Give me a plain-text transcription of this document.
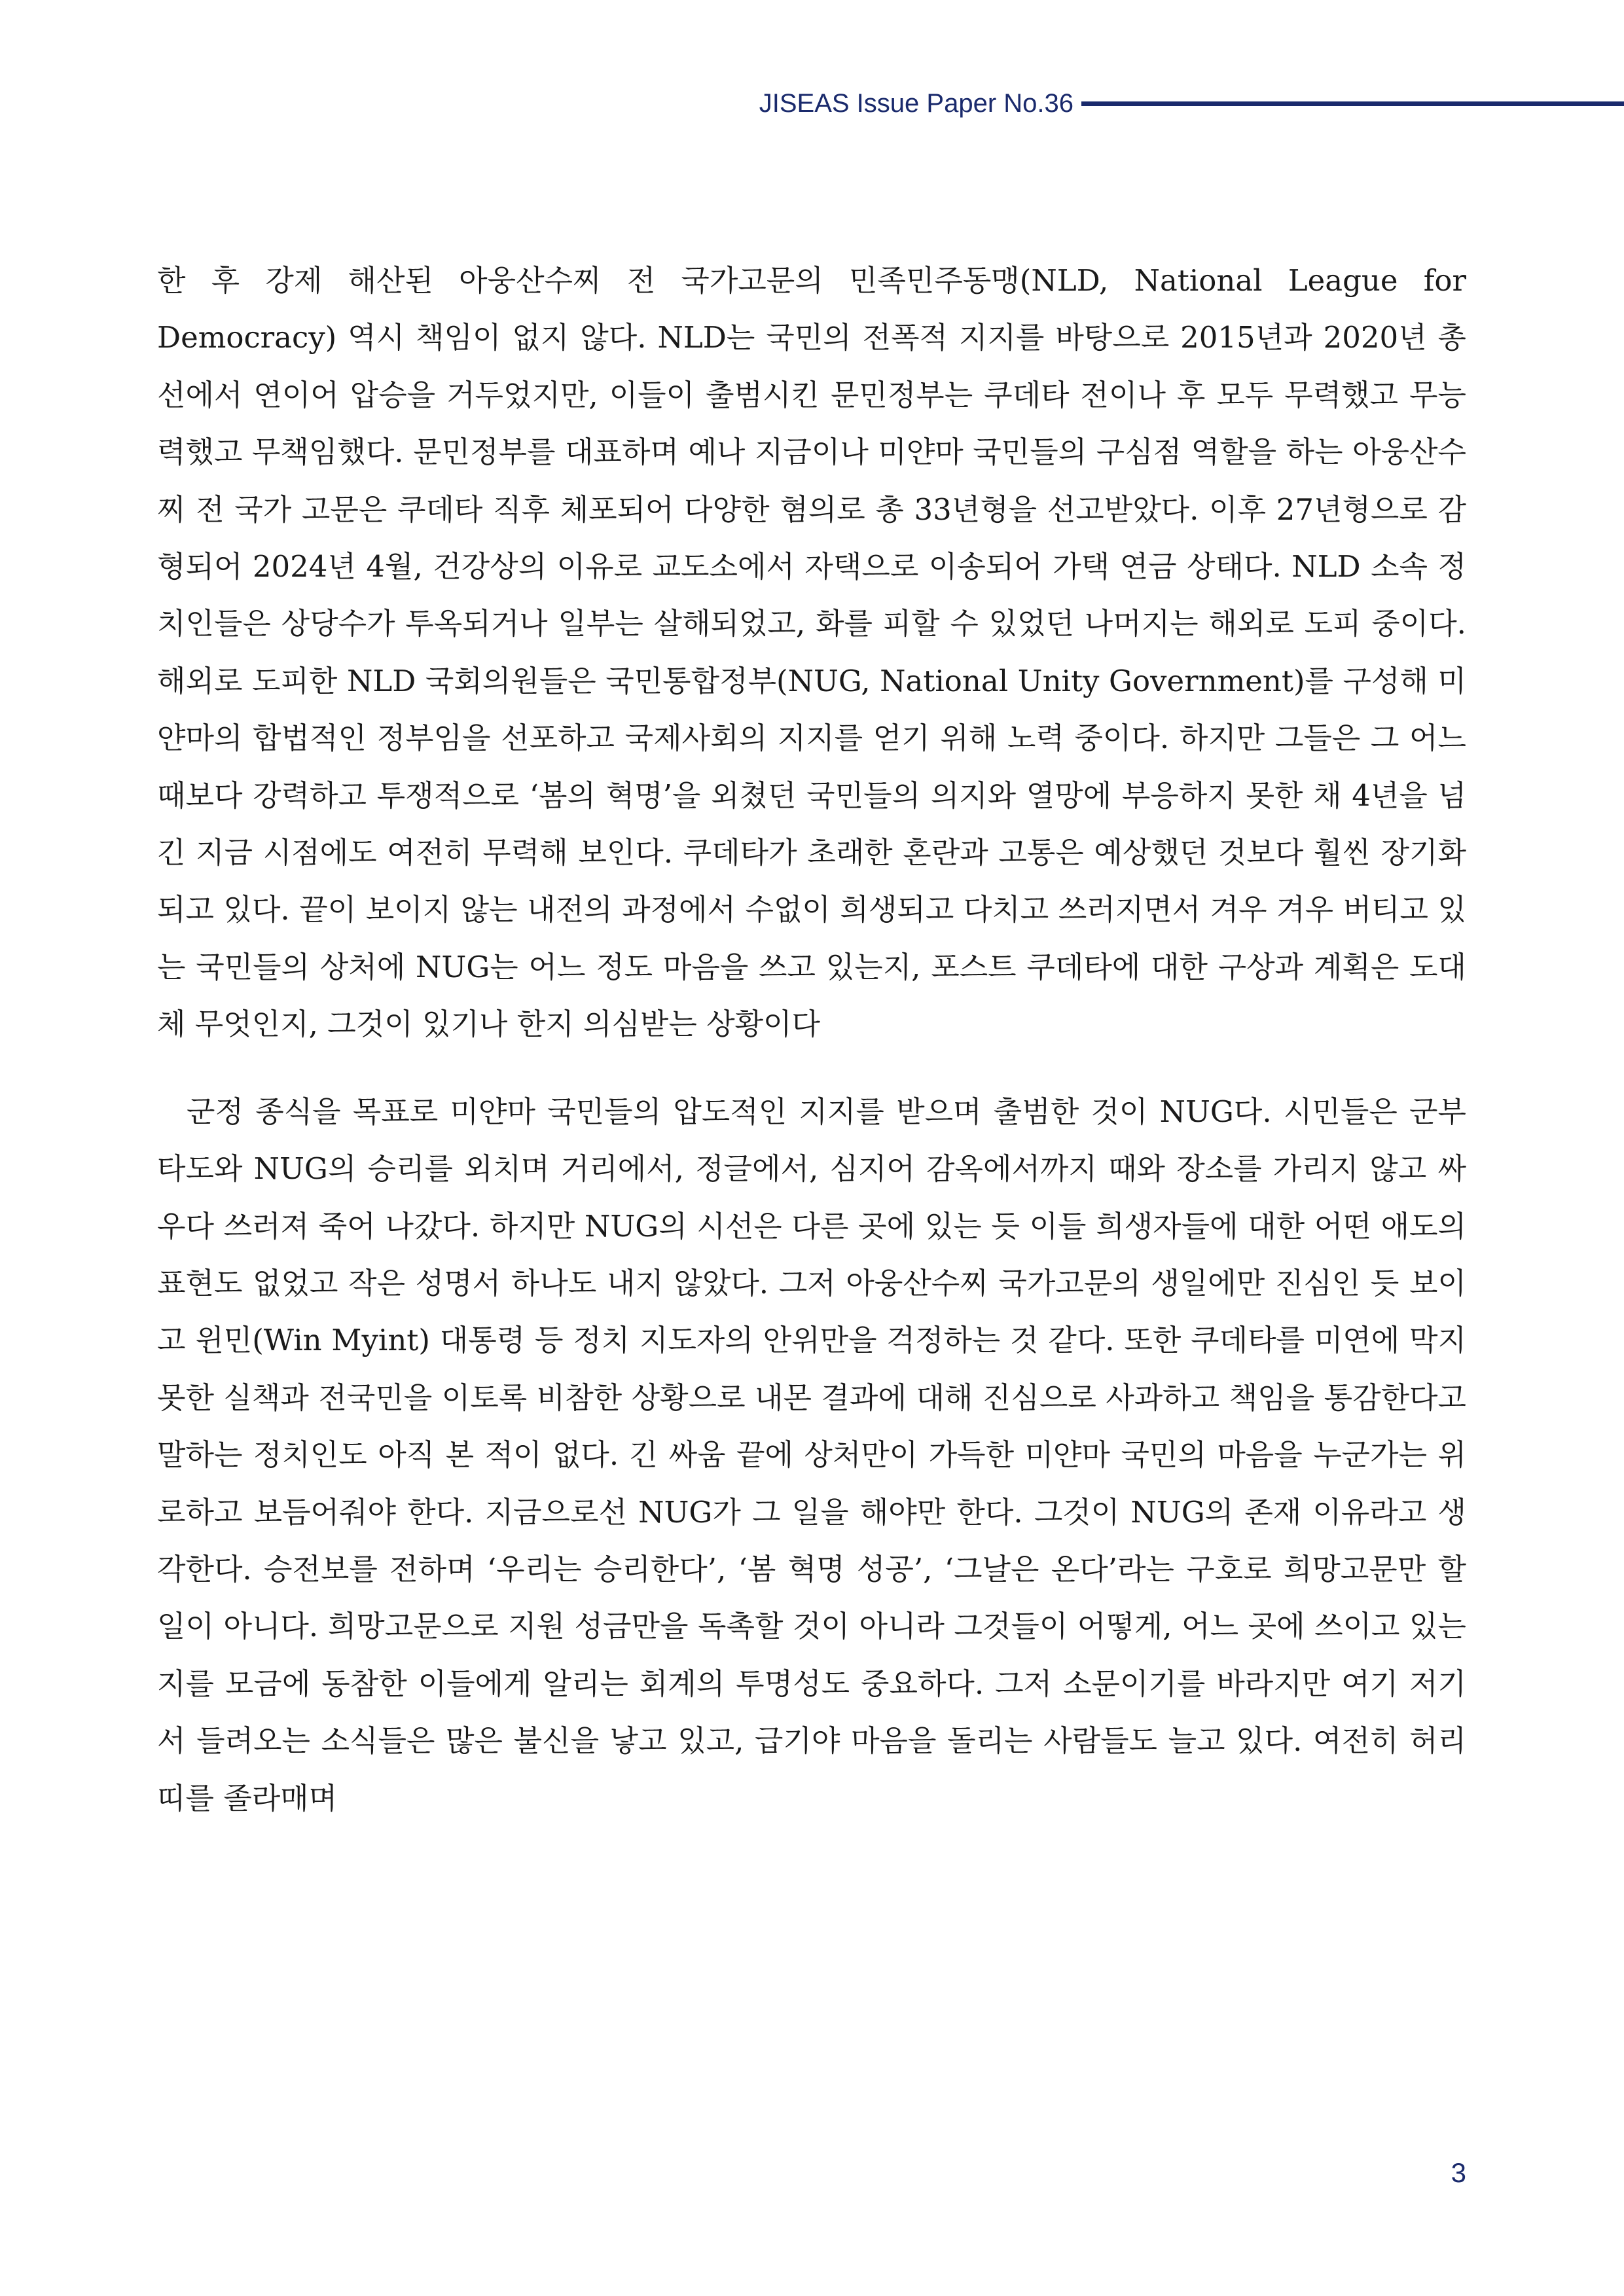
JISEAS Issue Paper No.36

한 후 강제 해산된 아웅산수찌 전 국가고문의 민족민주동맹(NLD, National League for Democracy) 역시 책임이 없지 않다. NLD는 국민의 전폭적 지지를 바탕으로 2015년과 2020년 총선에서 연이어 압승을 거두었지만, 이들이 출범시킨 문민정부는 쿠데타 전이나 후 모두 무력했고 무능력했고 무책임했다. 문민정부를 대표하며 예나 지금이나 미얀마 국민들의 구심점 역할을 하는 아웅산수찌 전 국가 고문은 쿠데타 직후 체포되어 다양한 혐의로 총 33년형을 선고받았다. 이후 27년형으로 감형되어 2024년 4월, 건강상의 이유로 교도소에서 자택으로 이송되어 가택 연금 상태다. NLD 소속 정치인들은 상당수가 투옥되거나 일부는 살해되었고, 화를 피할 수 있었던 나머지는 해외로 도피 중이다. 해외로 도피한 NLD 국회의원들은 국민통합정부(NUG, National Unity Government)를 구성해 미얀마의 합법적인 정부임을 선포하고 국제사회의 지지를 얻기 위해 노력 중이다. 하지만 그들은 그 어느 때보다 강력하고 투쟁적으로 ‘봄의 혁명’을 외쳤던 국민들의 의지와 열망에 부응하지 못한 채 4년을 넘긴 지금 시점에도 여전히 무력해 보인다. 쿠데타가 초래한 혼란과 고통은 예상했던 것보다 훨씬 장기화되고 있다. 끝이 보이지 않는 내전의 과정에서 수없이 희생되고 다치고 쓰러지면서 겨우 겨우 버티고 있는 국민들의 상처에 NUG는 어느 정도 마음을 쓰고 있는지, 포스트 쿠데타에 대한 구상과 계획은 도대체 무엇인지, 그것이 있기나 한지 의심받는 상황이다

군정 종식을 목표로 미얀마 국민들의 압도적인 지지를 받으며 출범한 것이 NUG다. 시민들은 군부 타도와 NUG의 승리를 외치며 거리에서, 정글에서, 심지어 감옥에서까지 때와 장소를 가리지 않고 싸우다 쓰러져 죽어 나갔다. 하지만 NUG의 시선은 다른 곳에 있는 듯 이들 희생자들에 대한 어떤 애도의 표현도 없었고 작은 성명서 하나도 내지 않았다. 그저 아웅산수찌 국가고문의 생일에만 진심인 듯 보이고 윈민(Win Myint) 대통령 등 정치 지도자의 안위만을 걱정하는 것 같다. 또한 쿠데타를 미연에 막지 못한 실책과 전국민을 이토록 비참한 상황으로 내몬 결과에 대해 진심으로 사과하고 책임을 통감한다고 말하는 정치인도 아직 본 적이 없다. 긴 싸움 끝에 상처만이 가득한 미얀마 국민의 마음을 누군가는 위로하고 보듬어줘야 한다. 지금으로선 NUG가 그 일을 해야만 한다. 그것이 NUG의 존재 이유라고 생각한다. 승전보를 전하며 ‘우리는 승리한다’, ‘봄 혁명 성공’, ‘그날은 온다’라는 구호로 희망고문만 할 일이 아니다. 희망고문으로 지원 성금만을 독촉할 것이 아니라 그것들이 어떻게, 어느 곳에 쓰이고 있는지를 모금에 동참한 이들에게 알리는 회계의 투명성도 중요하다. 그저 소문이기를 바라지만 여기 저기서 들려오는 소식들은 많은 불신을 낳고 있고, 급기야 마음을 돌리는 사람들도 늘고 있다. 여전히 허리띠를 졸라매며

3
